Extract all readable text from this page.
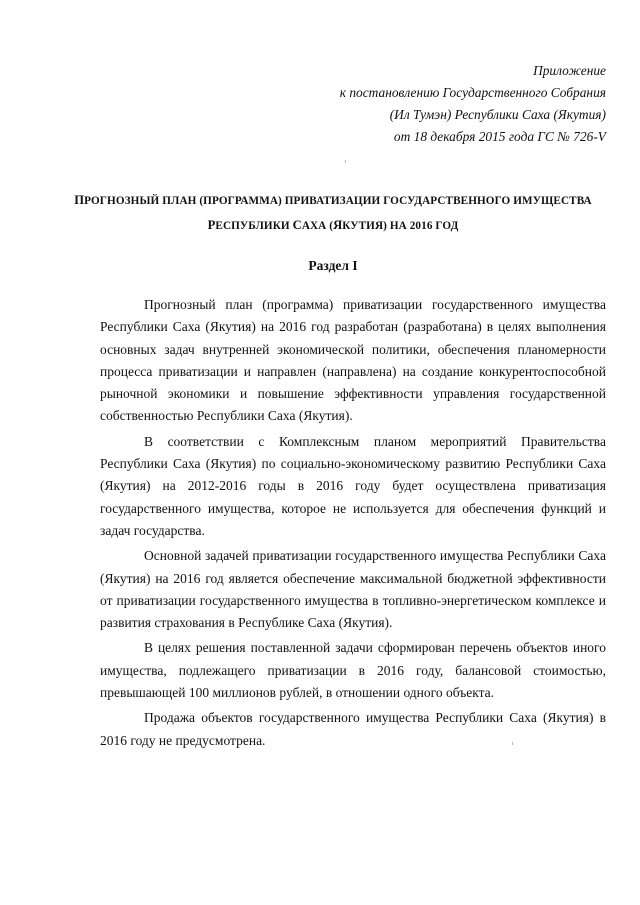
Приложение
к постановлению Государственного Собрания
(Ил Тумэн) Республики Саха (Якутия)
от 18 декабря 2015 года ГС № 726-V
ПРОГНОЗНЫЙ ПЛАН (ПРОГРАММА) ПРИВАТИЗАЦИИ ГОСУДАРСТВЕННОГО ИМУЩЕСТВА
РЕСПУБЛИКИ САХА (ЯКУТИЯ) НА 2016 ГОД
Раздел I

Прогнозный план (программа) приватизации государственного имущества Республики Саха (Якутия) на 2016 год разработан (разработана) в целях выполнения основных задач внутренней экономической политики, обеспечения планомерности процесса приватизации и направлен (направлена) на создание конкурентоспособной рыночной экономики и повышение эффективности управления государственной собственностью Республики Саха (Якутия).

В соответствии с Комплексным планом мероприятий Правительства Республики Саха (Якутия) по социально-экономическому развитию Республики Саха (Якутия) на 2012-2016 годы в 2016 году будет осуществлена приватизация государственного имущества, которое не используется для обеспечения функций и задач государства.

Основной задачей приватизации государственного имущества Республики Саха (Якутия) на 2016 год является обеспечение максимальной бюджетной эффективности от приватизации государственного имущества в топливно-энергетическом комплексе и развития страхования в Республике Саха (Якутия).

В целях решения поставленной задачи сформирован перечень объектов иного имущества, подлежащего приватизации в 2016 году, балансовой стоимостью, превышающей 100 миллионов рублей, в отношении одного объекта.

Продажа объектов государственного имущества Республики Саха (Якутия) в 2016 году не предусмотрена.
